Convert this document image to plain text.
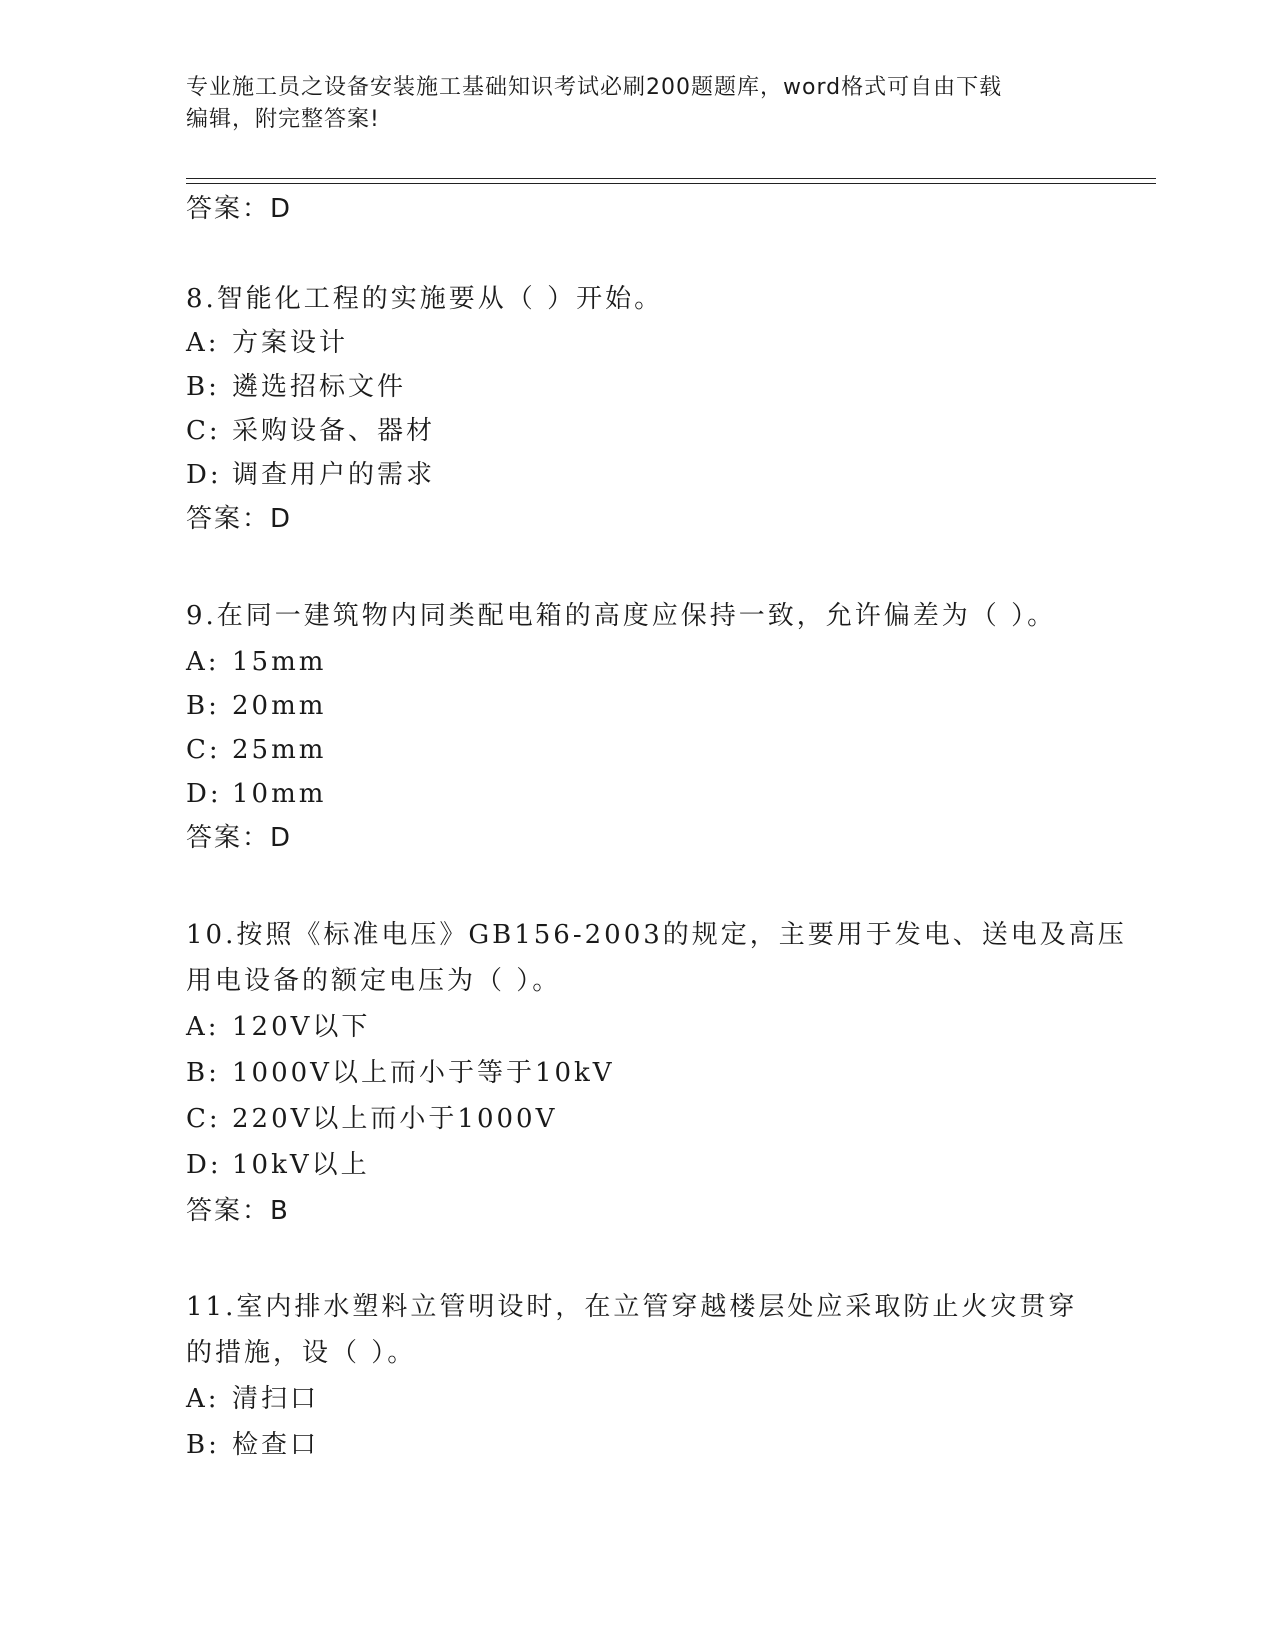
专业施工员之设备安装施工基础知识考试必刷200题题库，word格式可自由下载
编辑，附完整答案!
答案：D
8.智能化工程的实施要从（ ）开始。
A: 方案设计
B: 遴选招标文件
C: 采购设备、器材
D: 调查用户的需求
答案：D
9.在同一建筑物内同类配电箱的高度应保持一致，允许偏差为（ ）。
A: 15mm
B: 20mm
C: 25mm
D: 10mm
答案：D
10.按照《标准电压》GB156-2003的规定，主要用于发电、送电及高压
用电设备的额定电压为（ ）。
A: 120V以下
B: 1000V以上而小于等于10kV
C: 220V以上而小于1000V
D: 10kV以上
答案：B
11.室内排水塑料立管明设时，在立管穿越楼层处应采取防止火灾贯穿
的措施，设（ ）。
A: 清扫口
B: 检查口
